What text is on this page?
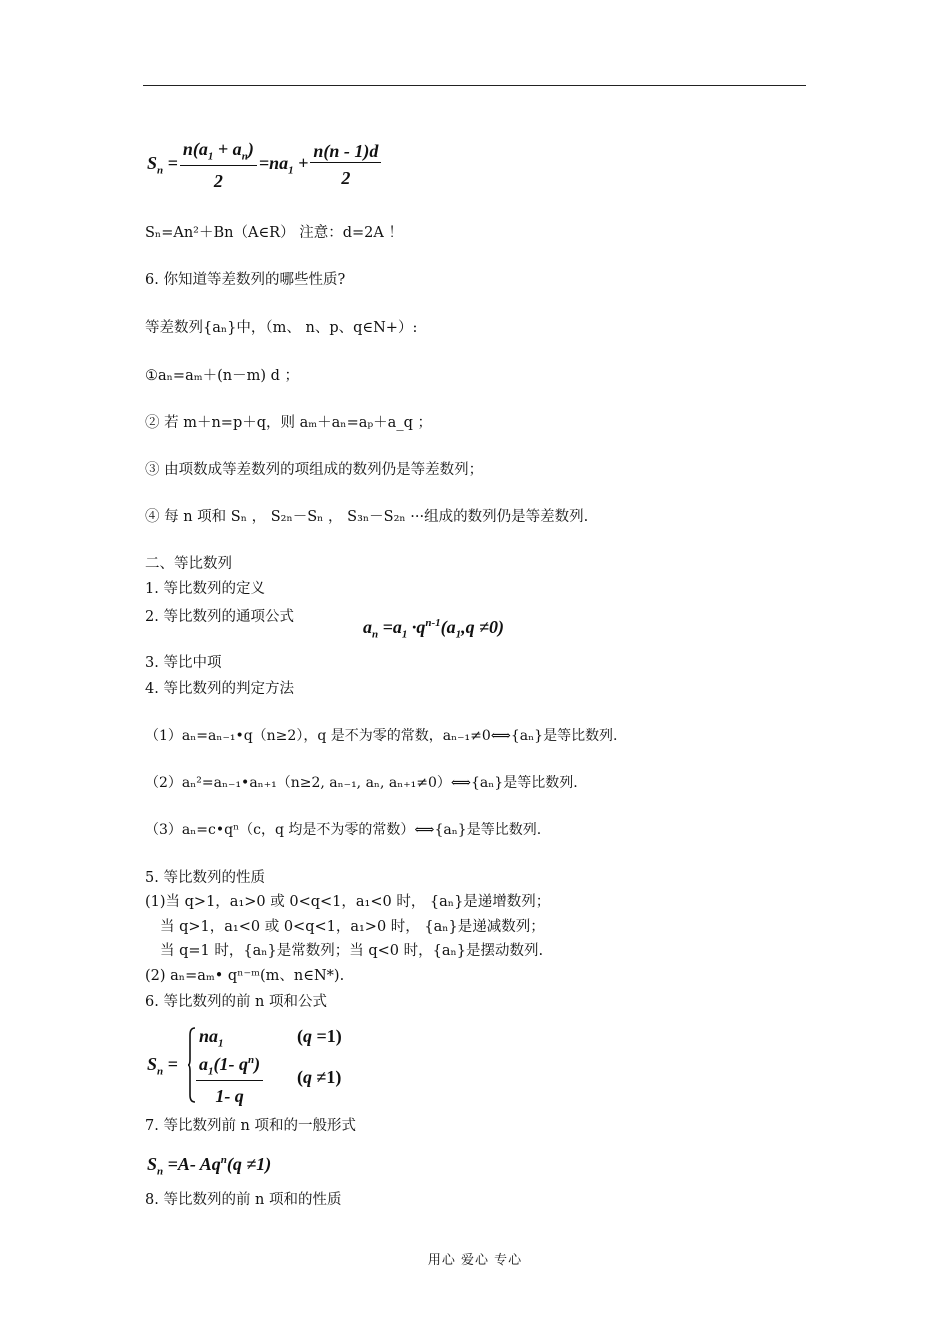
$S_n = \frac{n(a_1 + a_n)}{2} =na_1 + \frac{n(n - 1)d}{2}$
Sₙ=An²＋Bn（A∈R） 注意：d=2A ！
6. 你知道等差数列的哪些性质?
等差数列{aₙ}中，（m、 n、p、q∈N+）:
①aₙ=aₘ＋(n－m) d ；
② 若 m＋n=p＋q，则 aₘ＋aₙ=aₚ＋a_q ；
③ 由项数成等差数列的项组成的数列仍是等差数列；
④ 每 n 项和 Sₙ ， S₂ₙ－Sₙ ， S₃ₙ－S₂ₙ ···组成的数列仍是等差数列.
二、等比数列
1. 等比数列的定义
2. 等比数列的通项公式	$a_n =a_1 \cdot q^{n-1}(a_1,q \ne 0)$
3. 等比中项
4. 等比数列的判定方法
（1）aₙ=aₙ₋₁•q（n≥2），q 是不为零的常数，aₙ₋₁≠0⟺{aₙ}是等比数列.
（2）aₙ²=aₙ₋₁•aₙ₊₁（n≥2, aₙ₋₁, aₙ, aₙ₊₁≠0）⟺{aₙ}是等比数列.
（3）aₙ=c•qⁿ（c，q 均是不为零的常数）⟺{aₙ}是等比数列.
5. 等比数列的性质
(1)当 q>1，a₁>0 或 0<q<1，a₁<0 时， {aₙ}是递增数列；
当 q>1，a₁<0 或 0<q<1，a₁>0 时， {aₙ}是递减数列；
当 q=1 时，{aₙ}是常数列；当 q<0 时，{aₙ}是摆动数列.
(2) aₙ=aₘ• qⁿ⁻ᵐ(m、n∈N*).
6. 等比数列的前 n 项和公式
$S_n$ =
$na_1$	(q =1)
$\frac{a_1(1- q^n)}{1- q} (q \ne 1)$
7. 等比数列前 n 项和的一般形式
$S_n =A-$ $Aq^n(q \ne 1)$
8. 等比数列的前 n 项和的性质
用心 爱心 专心
